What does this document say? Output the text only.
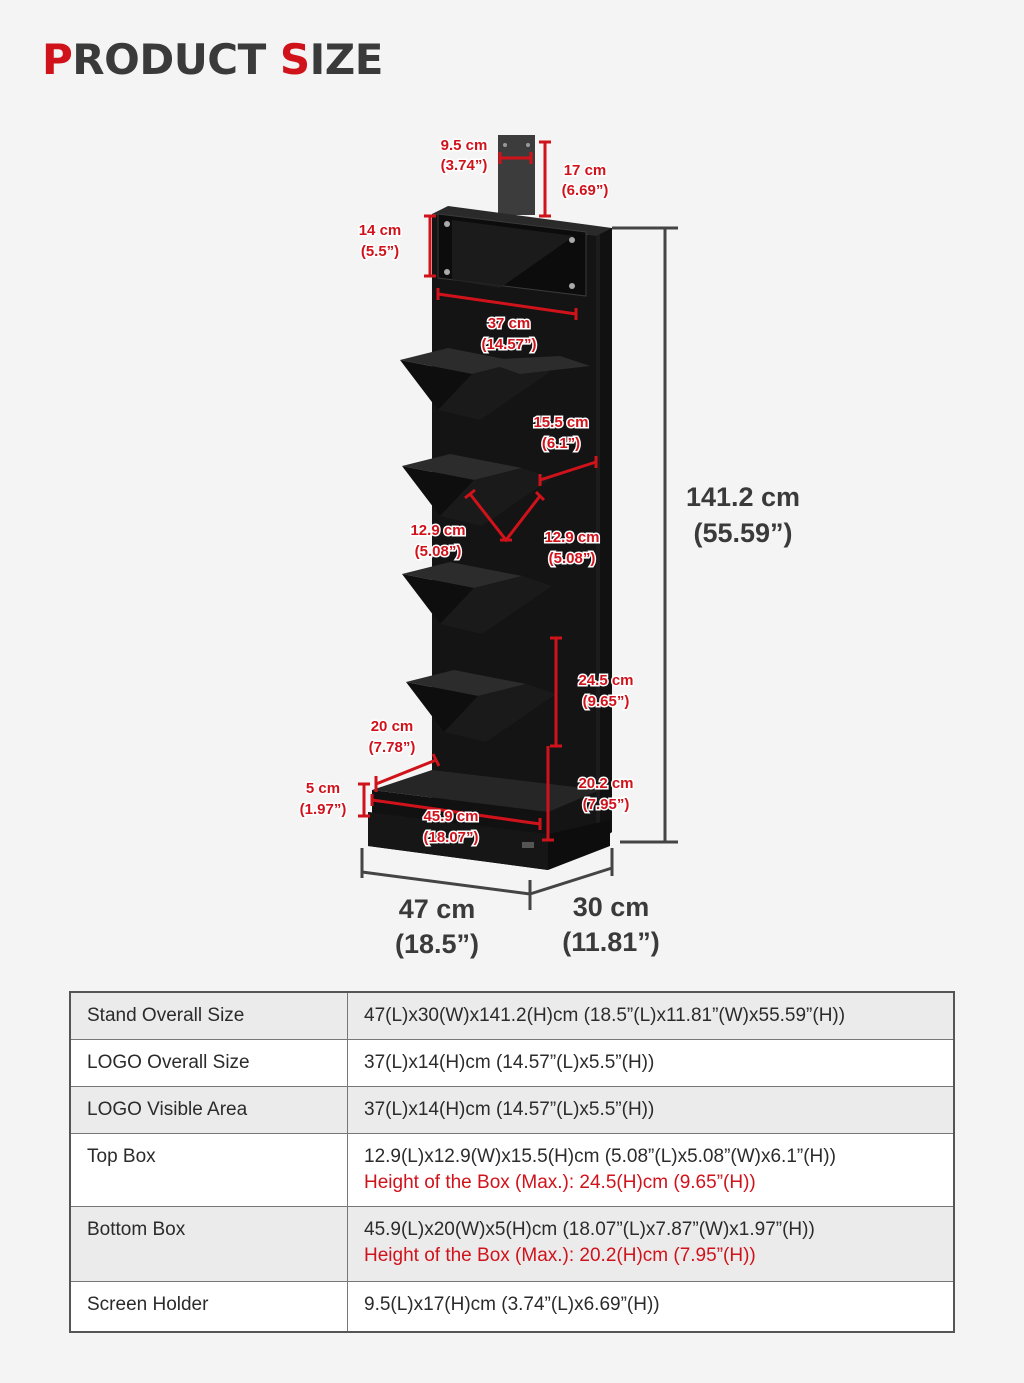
PRODUCT SIZE
9.5 cm (3.74”)	17 cm (6.69”)
14 cm (5.5”)
37 cm (14.57”)
15.5 cm (6.1”)
12.9 cm (5.08”)
12.9 cm (5.08”)
24.5 cm (9.65”)
20 cm (7.78”)
5 cm (1.97”)
20.2 cm (7.95”)
45.9 cm (18.07”)
141.2 cm (55.59”)
47 cm (18.5”)
30 cm (11.81”)
Stand Overall Size	47(L)x30(W)x141.2(H)cm (18.5”(L)x11.81”(W)x55.59”(H))
LOGO Overall Size	37(L)x14(H)cm (14.57”(L)x5.5”(H))
LOGO Visible Area	37(L)x14(H)cm (14.57”(L)x5.5”(H))
Top Box	12.9(L)x12.9(W)x15.5(H)cm (5.08”(L)x5.08”(W)x6.1”(H))
Height of the Box (Max.): 24.5(H)cm (9.65”(H))

Bottom Box	45.9(L)x20(W)x5(H)cm (18.07”(L)x7.87”(W)x1.97”(H))
Height of the Box (Max.): 20.2(H)cm (7.95”(H))

Screen Holder	9.5(L)x17(H)cm (3.74”(L)x6.69”(H))
